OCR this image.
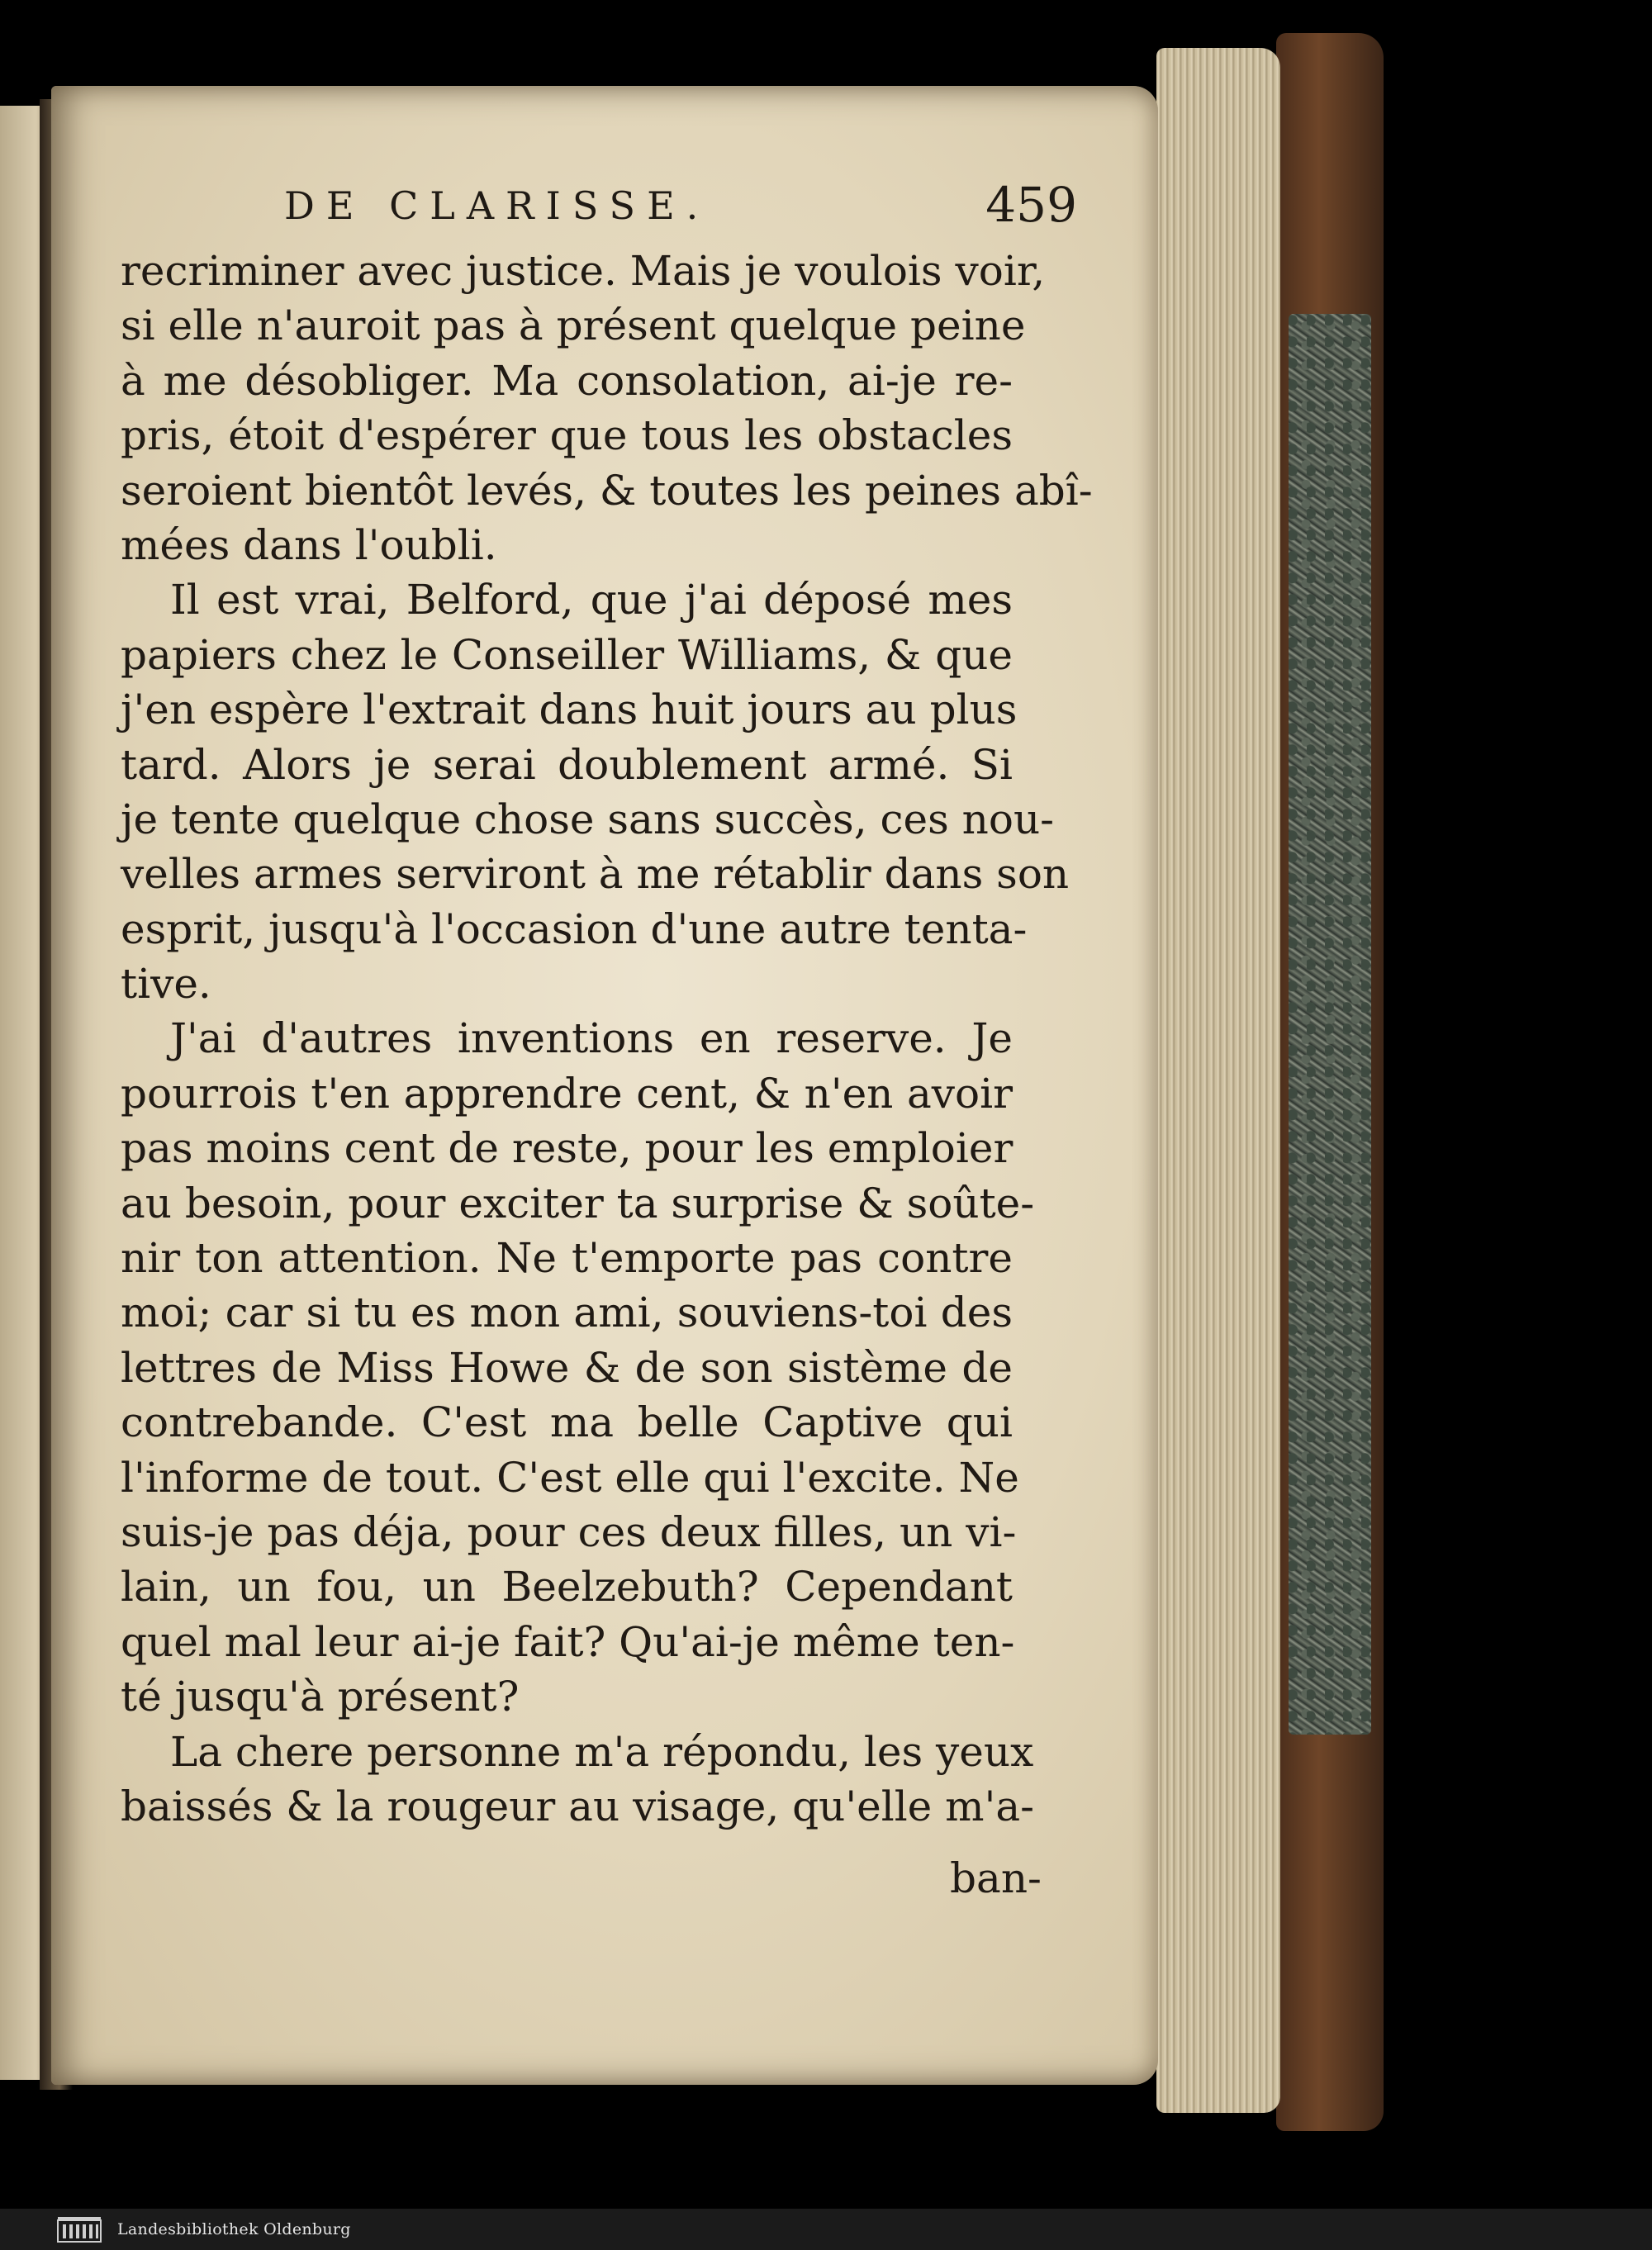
DE CLARISSE.	459
recriminer avec justice. Mais je voulois voir,
si elle n'auroit pas à présent quelque peine
à me désobliger. Ma consolation, ai-je re-
pris, étoit d'espérer que tous les obstacles
seroient bientôt levés, & toutes les peines abî-
mées dans l'oubli.
Il est vrai, Belford, que j'ai déposé mes
papiers chez le Conseiller Williams, & que
j'en espère l'extrait dans huit jours au plus
tard. Alors je serai doublement armé. Si
je tente quelque chose sans succès, ces nou-
velles armes serviront à me rétablir dans son
esprit, jusqu'à l'occasion d'une autre tenta-
tive.
J'ai d'autres inventions en reserve. Je
pourrois t'en apprendre cent, & n'en avoir
pas moins cent de reste, pour les emploier
au besoin, pour exciter ta surprise & soûte-
nir ton attention. Ne t'emporte pas contre
moi; car si tu es mon ami, souviens-toi des
lettres de Miss Howe & de son sistème de
contrebande. C'est ma belle Captive qui
l'informe de tout. C'est elle qui l'excite. Ne
suis-je pas déja, pour ces deux filles, un vi-
lain, un fou, un Beelzebuth? Cependant
quel mal leur ai-je fait? Qu'ai-je même ten-
té jusqu'à présent?
La chere personne m'a répondu, les yeux
baissés & la rougeur au visage, qu'elle m'a-
ban-
Landesbibliothek Oldenburg
